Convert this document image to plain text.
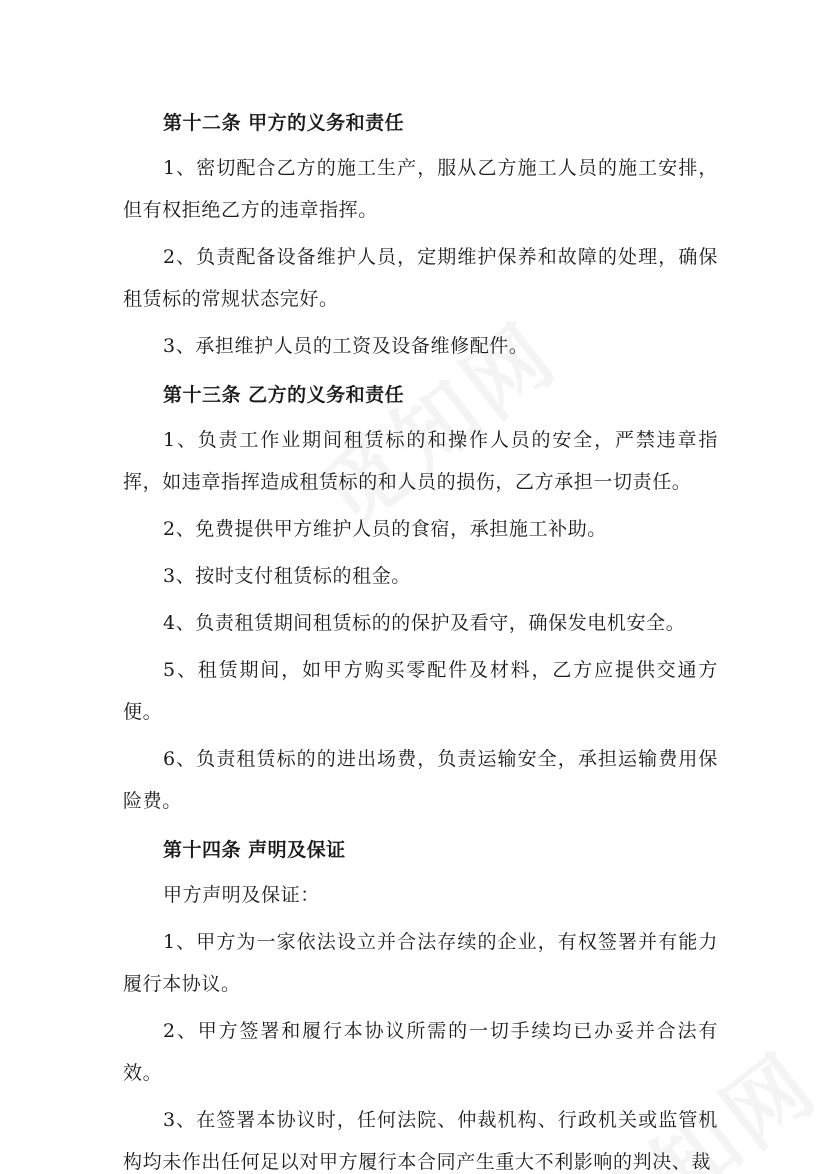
第十二条 甲方的义务和责任
1、密切配合乙方的施工生产，服从乙方施工人员的施工安排，但有权拒绝乙方的违章指挥。
2、负责配备设备维护人员，定期维护保养和故障的处理，确保租赁标的常规状态完好。
3、承担维护人员的工资及设备维修配件。
第十三条 乙方的义务和责任
1、负责工作业期间租赁标的和操作人员的安全，严禁违章指挥，如违章指挥造成租赁标的和人员的损伤，乙方承担一切责任。
2、免费提供甲方维护人员的食宿，承担施工补助。
3、按时支付租赁标的租金。
4、负责租赁期间租赁标的的保护及看守，确保发电机安全。
5、租赁期间，如甲方购买零配件及材料，乙方应提供交通方便。
6、负责租赁标的的进出场费，负责运输安全，承担运输费用保险费。
第十四条 声明及保证
甲方声明及保证：
1、甲方为一家依法设立并合法存续的企业，有权签署并有能力履行本协议。
2、甲方签署和履行本协议所需的一切手续均已办妥并合法有效。
3、在签署本协议时，任何法院、仲裁机构、行政机关或监管机构均未作出任何足以对甲方履行本合同产生重大不利影响的判决、裁
